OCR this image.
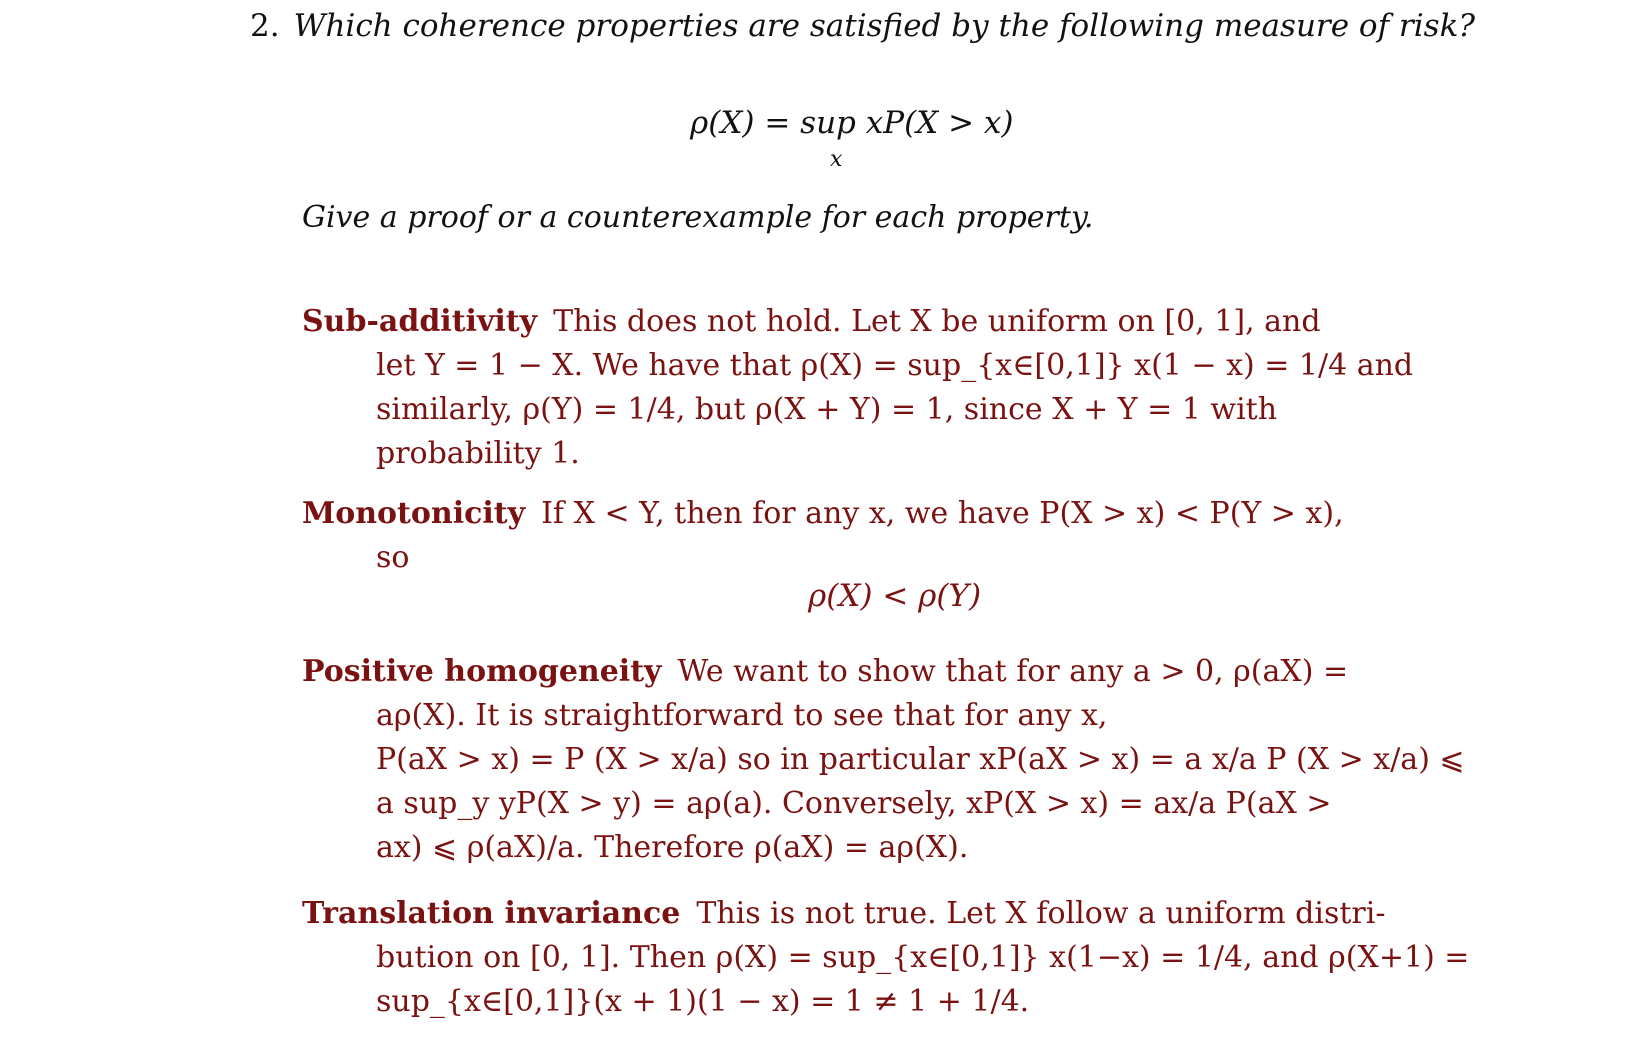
2. Which coherence properties are satisfied by the following measure of risk?
ρ(X) = sup xP(X > x)
x
Give a proof or a counterexample for each property.
Sub-additivity This does not hold. Let X be uniform on [0, 1], and
let Y = 1 − X. We have that ρ(X) = sup_{x∈[0,1]} x(1 − x) = 1/4 and
similarly, ρ(Y) = 1/4, but ρ(X + Y) = 1, since X + Y = 1 with
probability 1.
Monotonicity If X < Y, then for any x, we have P(X > x) < P(Y > x),
so
ρ(X) < ρ(Y)
Positive homogeneity We want to show that for any a > 0, ρ(aX) =
aρ(X). It is straightforward to see that for any x,
P(aX > x) = P (X > x/a) so in particular xP(aX > x) = a x/a P (X > x/a) ⩽
a sup_y yP(X > y) = aρ(a). Conversely, xP(X > x) = ax/a P(aX >
ax) ⩽ ρ(aX)/a. Therefore ρ(aX) = aρ(X).
Translation invariance This is not true. Let X follow a uniform distri-
bution on [0, 1]. Then ρ(X) = sup_{x∈[0,1]} x(1−x) = 1/4, and ρ(X+1) =
sup_{x∈[0,1]}(x + 1)(1 − x) = 1 ≠ 1 + 1/4.
